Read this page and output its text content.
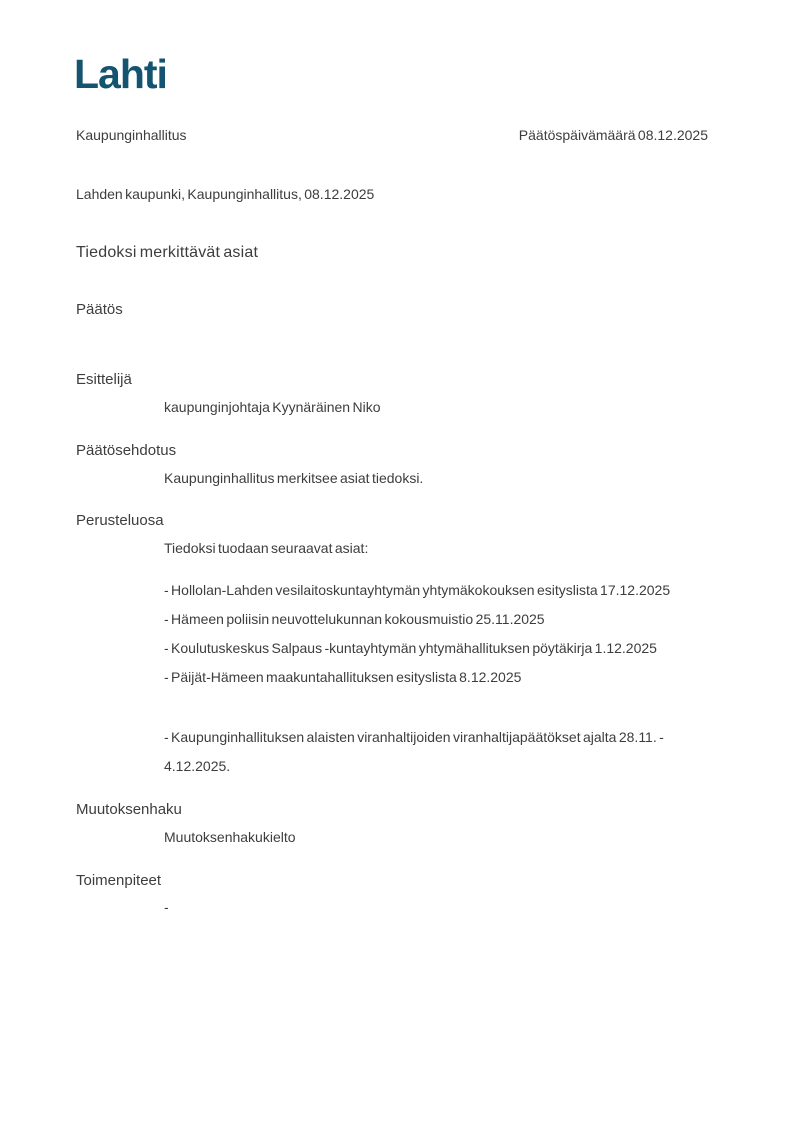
Lahti
Kaupunginhallitus	Päätöspäivämäärä 08.12.2025
Lahden kaupunki, Kaupunginhallitus, 08.12.2025
Tiedoksi merkittävät asiat
Päätös
Esittelijä
kaupunginjohtaja Kyynäräinen Niko
Päätösehdotus
Kaupunginhallitus merkitsee asiat tiedoksi.
Perusteluosa
Tiedoksi tuodaan seuraavat asiat:
- Hollolan-Lahden vesilaitoskuntayhtymän yhtymäkokouksen esityslista 17.12.2025
- Hämeen poliisin neuvottelukunnan kokousmuistio 25.11.2025
- Koulutuskeskus Salpaus -kuntayhtymän yhtymähallituksen pöytäkirja 1.12.2025
- Päijät-Hämeen maakuntahallituksen esityslista 8.12.2025
- Kaupunginhallituksen alaisten viranhaltijoiden viranhaltijapäätökset ajalta 28.11. - 4.12.2025.
Muutoksenhaku
Muutoksenhakukielto
Toimenpiteet
-
